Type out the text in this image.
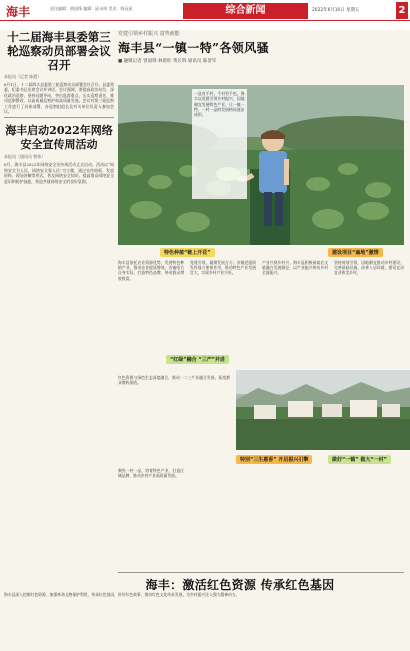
海丰	责任编辑：黄国锋 编辑：邱永明 美术：陈冠星	综合新闻	2022年6月10日 星期五	2
十二届海丰县委第三轮巡察动员部署会议召开
本报讯（记者 陈霞）
6月1日，十二届海丰县委第三轮巡察动员部署会议召开。县委常委、纪委书记出席会议并讲话。会议强调，要提高政治站位，深化政治巡察，坚持问题导向，突出监督重点，压实巡察责任，推动巡察整改，以高质量巡察护航高质量发展。会议对第三轮巡察工作进行了具体部署，各巡察组组长及有关单位负责人参加会议。
海丰启动2022年网络安全宣传周活动
本报讯（通讯员 曾伟）
6月，海丰县2022年网络安全宣传周活动正式启动。活动以“网络安全为人民，网络安全靠人民”为主题，通过宣传展板、发放资料、现场讲解等形式，普及网络安全知识，提高群众网络安全意识和防护技能，营造共建网络安全的良好氛围。
党建引领乡村振兴 富势就能
海丰县“一镇一特”各领风骚
■ 融媒记者 曾国锋 林晨旺 黄长辉 通讯员 陈誉军
一县有千村，千村有千色。海丰以党建引领乡村振兴，因地制宜发展特色产业，让一镇一特、一村一品的发展格局逐步成形。
特色种植“链上开花”	建设项目“遍地”激情
海丰县依托农业资源优势，发展特色种植产业，推动农业提质增效。各镇结合自身实际，打造特色品牌，带动群众增收致富。
党建引领，凝聚发展合力。各镇党组织发挥战斗堡垒作用，推动特色产业发展壮大，实现乡村产业兴旺。
产业兴则乡村兴。海丰县积极探索农文旅融合发展路径，以产业振兴带动乡村全面振兴。
坚持规划引领，因地制宜推动乡村建设，完善基础设施，改善人居环境，建设宜居宜业和美乡村。
“红绿”融合 “三产”并进
红色资源与绿色生态深度融合，推动一二三产业融合发展，拓宽群众增收渠道。
特别“三生惠香” 开启振兴引擎	做好“一镇” 做大“一村”
聚焦一村一品，培育特色产业，打造区域品牌，推动乡村产业高质量发展。
海丰：激活红色资源 传承红色基因
海丰县深入挖掘红色资源，加强革命文物保护利用，传承红色基因，讲好红色故事，推动红色文化传承发展，为乡村振兴注入强大精神动力。
